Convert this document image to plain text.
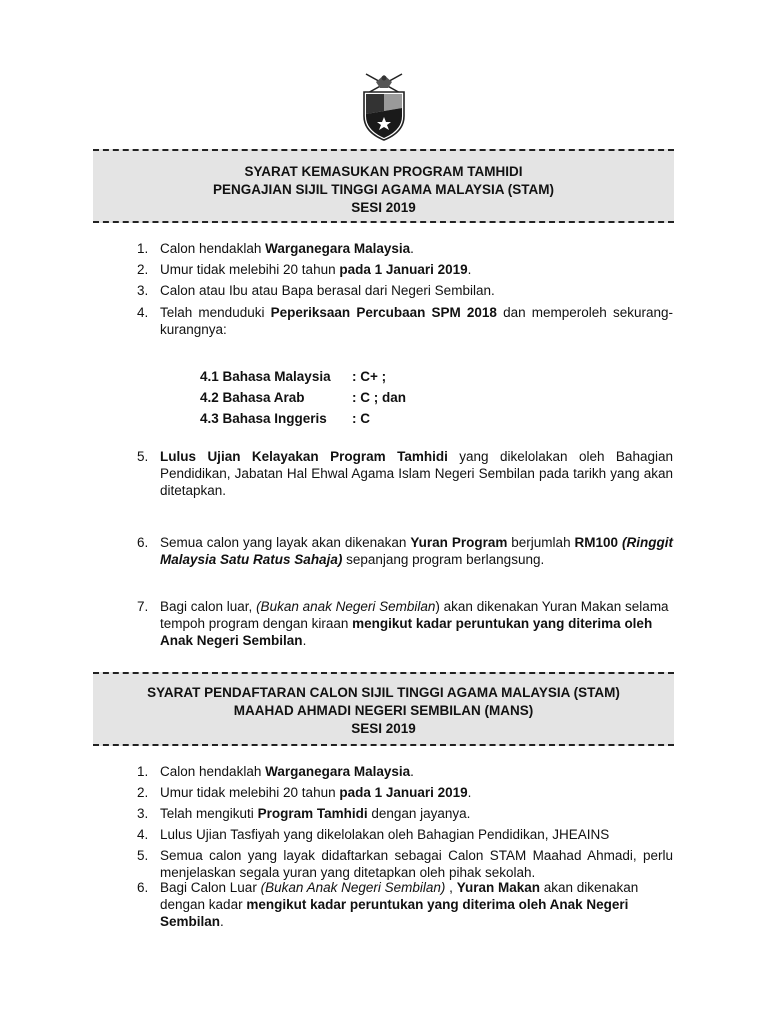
SYARAT KEMASUKAN PROGRAM TAMHIDI
PENGAJIAN SIJIL TINGGI AGAMA MALAYSIA (STAM)
SESI 2019
1. Calon hendaklah Warganegara Malaysia.
2. Umur tidak melebihi 20 tahun pada 1 Januari 2019.
3. Calon atau Ibu atau Bapa berasal dari Negeri Sembilan.
4. Telah menduduki Peperiksaan Percubaan SPM 2018 dan memperoleh sekurang-kurangnya:
5. Lulus Ujian Kelayakan Program Tamhidi yang dikelolakan oleh Bahagian Pendidikan, Jabatan Hal Ehwal Agama Islam Negeri Sembilan pada tarikh yang akan ditetapkan.
6. Semua calon yang layak akan dikenakan Yuran Program berjumlah RM100 (Ringgit Malaysia Satu Ratus Sahaja) sepanjang program berlangsung.
7. Bagi calon luar, (Bukan anak Negeri Sembilan) akan dikenakan Yuran Makan selama tempoh program dengan kiraan mengikut kadar peruntukan yang diterima oleh Anak Negeri Sembilan.
4.1 Bahasa Malaysia : C+ ;
4.2 Bahasa Arab	: C ; dan
4.3 Bahasa Inggeris : C
SYARAT PENDAFTARAN CALON SIJIL TINGGI AGAMA MALAYSIA (STAM)
MAAHAD AHMADI NEGERI SEMBILAN (MANS)
SESI 2019
1. Calon hendaklah Warganegara Malaysia.
2. Umur tidak melebihi 20 tahun pada 1 Januari 2019.
3. Telah mengikuti Program Tamhidi dengan jayanya.
4. Lulus Ujian Tasfiyah yang dikelolakan oleh Bahagian Pendidikan, JHEAINS
5. Semua calon yang layak didaftarkan sebagai Calon STAM Maahad Ahmadi, perlu menjelaskan segala yuran yang ditetapkan oleh pihak sekolah.
6. Bagi Calon Luar (Bukan Anak Negeri Sembilan) , Yuran Makan akan dikenakan dengan kadar mengikut kadar peruntukan yang diterima oleh Anak Negeri Sembilan.
